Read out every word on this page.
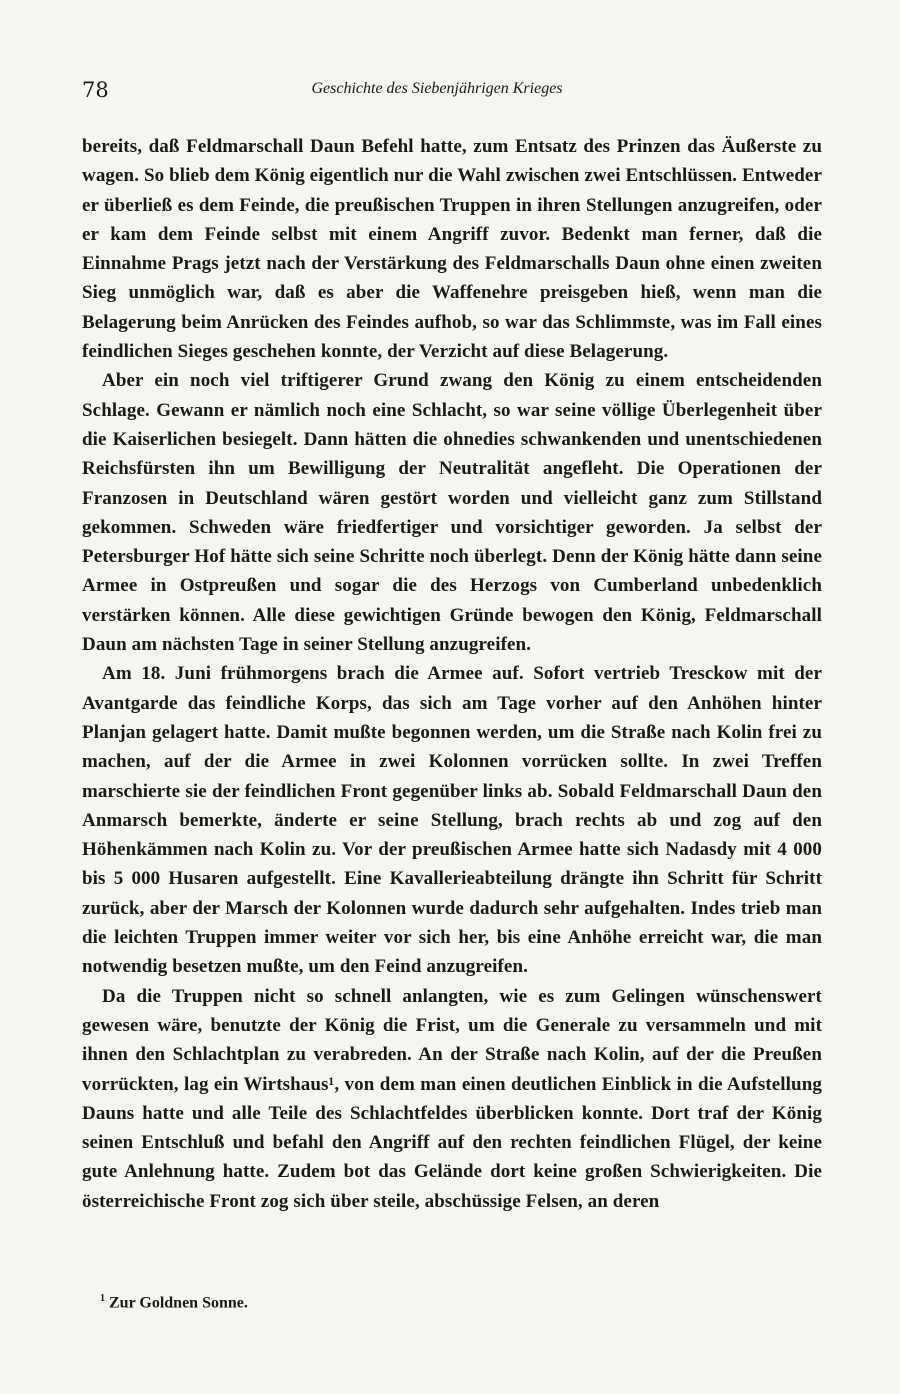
78	Geschichte des Siebenjährigen Krieges

bereits, daß Feldmarschall Daun Befehl hatte, zum Entsatz des Prinzen das Äußerste zu wagen. So blieb dem König eigentlich nur die Wahl zwischen zwei Entschlüssen. Entweder er überließ es dem Feinde, die preußischen Truppen in ihren Stellungen anzugreifen, oder er kam dem Feinde selbst mit einem Angriff zuvor. Bedenkt man ferner, daß die Einnahme Prags jetzt nach der Verstärkung des Feldmarschalls Daun ohne einen zweiten Sieg unmöglich war, daß es aber die Waffenehre preisgeben hieß, wenn man die Belagerung beim Anrücken des Feindes aufhob, so war das Schlimmste, was im Fall eines feindlichen Sieges geschehen konnte, der Verzicht auf diese Belagerung.

Aber ein noch viel triftigerer Grund zwang den König zu einem entscheidenden Schlage. Gewann er nämlich noch eine Schlacht, so war seine völlige Überlegenheit über die Kaiserlichen besiegelt. Dann hätten die ohnedies schwankenden und unentschiedenen Reichsfürsten ihn um Bewilligung der Neutralität angefleht. Die Operationen der Franzosen in Deutschland wären gestört worden und vielleicht ganz zum Stillstand gekommen. Schweden wäre friedfertiger und vorsichtiger geworden. Ja selbst der Petersburger Hof hätte sich seine Schritte noch überlegt. Denn der König hätte dann seine Armee in Ostpreußen und sogar die des Herzogs von Cumberland unbedenklich verstärken können. Alle diese gewichtigen Gründe bewogen den König, Feldmarschall Daun am nächsten Tage in seiner Stellung anzugreifen.

Am 18. Juni frühmorgens brach die Armee auf. Sofort vertrieb Tresckow mit der Avantgarde das feindliche Korps, das sich am Tage vorher auf den Anhöhen hinter Planjan gelagert hatte. Damit mußte begonnen werden, um die Straße nach Kolin frei zu machen, auf der die Armee in zwei Kolonnen vorrücken sollte. In zwei Treffen marschierte sie der feindlichen Front gegenüber links ab. Sobald Feldmarschall Daun den Anmarsch bemerkte, änderte er seine Stellung, brach rechts ab und zog auf den Höhenkämmen nach Kolin zu. Vor der preußischen Armee hatte sich Nadasdy mit 4 000 bis 5 000 Husaren aufgestellt. Eine Kavallerieabteilung drängte ihn Schritt für Schritt zurück, aber der Marsch der Kolonnen wurde dadurch sehr aufgehalten. Indes trieb man die leichten Truppen immer weiter vor sich her, bis eine Anhöhe erreicht war, die man notwendig besetzen mußte, um den Feind anzugreifen.

Da die Truppen nicht so schnell anlangten, wie es zum Gelingen wünschenswert gewesen wäre, benutzte der König die Frist, um die Generale zu versammeln und mit ihnen den Schlachtplan zu verabreden. An der Straße nach Kolin, auf der die Preußen vorrückten, lag ein Wirtshaus¹, von dem man einen deutlichen Einblick in die Aufstellung Dauns hatte und alle Teile des Schlachtfeldes überblicken konnte. Dort traf der König seinen Entschluß und befahl den Angriff auf den rechten feindlichen Flügel, der keine gute Anlehnung hatte. Zudem bot das Gelände dort keine großen Schwierigkeiten. Die österreichische Front zog sich über steile, abschüssige Felsen, an deren

$^1$ Zur Goldnen Sonne.
